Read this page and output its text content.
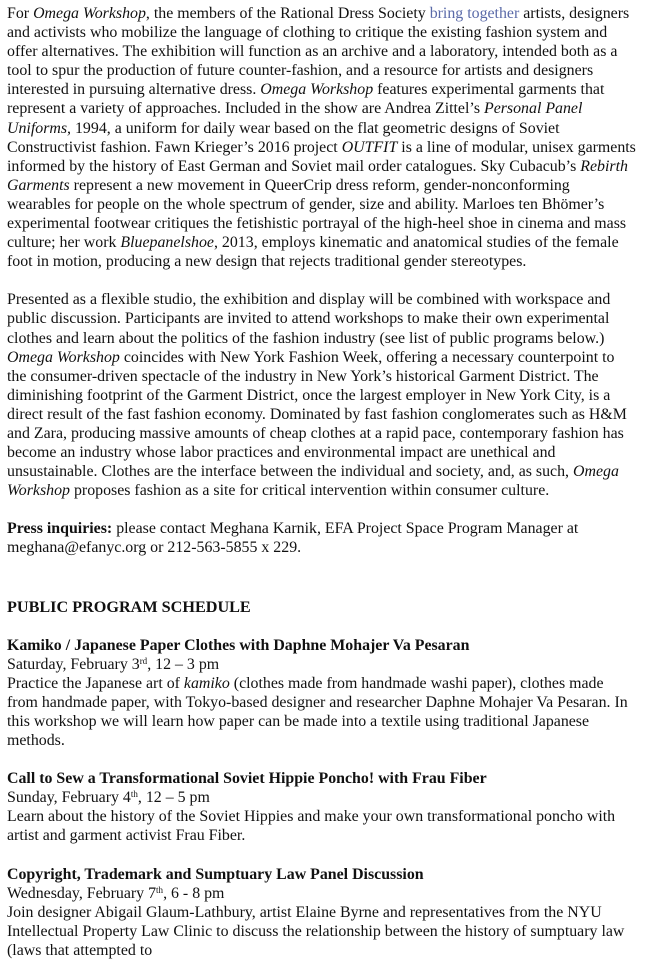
For Omega Workshop, the members of the Rational Dress Society bring together artists, designers and activists who mobilize the language of clothing to critique the existing fashion system and offer alternatives. The exhibition will function as an archive and a laboratory, intended both as a tool to spur the production of future counter-fashion, and a resource for artists and designers interested in pursuing alternative dress. Omega Workshop features experimental garments that represent a variety of approaches. Included in the show are Andrea Zittel’s Personal Panel Uniforms, 1994, a uniform for daily wear based on the flat geometric designs of Soviet Constructivist fashion. Fawn Krieger’s 2016 project OUTFIT is a line of modular, unisex garments informed by the history of East German and Soviet mail order catalogues. Sky Cubacub’s Rebirth Garments represent a new movement in QueerCrip dress reform, gender-nonconforming wearables for people on the whole spectrum of gender, size and ability. Marloes ten Bhömer’s experimental footwear critiques the fetishistic portrayal of the high-heel shoe in cinema and mass culture; her work Bluepanelshoe, 2013, employs kinematic and anatomical studies of the female foot in motion, producing a new design that rejects traditional gender stereotypes.

Presented as a flexible studio, the exhibition and display will be combined with workspace and public discussion. Participants are invited to attend workshops to make their own experimental clothes and learn about the politics of the fashion industry (see list of public programs below.)

Omega Workshop coincides with New York Fashion Week, offering a necessary counterpoint to the consumer-driven spectacle of the industry in New York’s historical Garment District. The diminishing footprint of the Garment District, once the largest employer in New York City, is a direct result of the fast fashion economy. Dominated by fast fashion conglomerates such as H&M and Zara, producing massive amounts of cheap clothes at a rapid pace, contemporary fashion has become an industry whose labor practices and environmental impact are unethical and unsustainable. Clothes are the interface between the individual and society, and, as such, Omega Workshop proposes fashion as a site for critical intervention within consumer culture.

Press inquiries: please contact Meghana Karnik, EFA Project Space Program Manager at meghana@efanyc.org or 212-563-5855 x 229.

PUBLIC PROGRAM SCHEDULE

Kamiko / Japanese Paper Clothes with Daphne Mohajer Va Pesaran

Saturday, February 3rd, 12 – 3 pm

Practice the Japanese art of kamiko (clothes made from handmade washi paper), clothes made from handmade paper, with Tokyo-based designer and researcher Daphne Mohajer Va Pesaran. In this workshop we will learn how paper can be made into a textile using traditional Japanese methods.

Call to Sew a Transformational Soviet Hippie Poncho! with Frau Fiber

Sunday, February 4th, 12 – 5 pm

Learn about the history of the Soviet Hippies and make your own transformational poncho with artist and garment activist Frau Fiber.

Copyright, Trademark and Sumptuary Law Panel Discussion

Wednesday, February 7th, 6 - 8 pm

Join designer Abigail Glaum-Lathbury, artist Elaine Byrne and representatives from the NYU Intellectual Property Law Clinic to discuss the relationship between the history of sumptuary law (laws that attempted to
